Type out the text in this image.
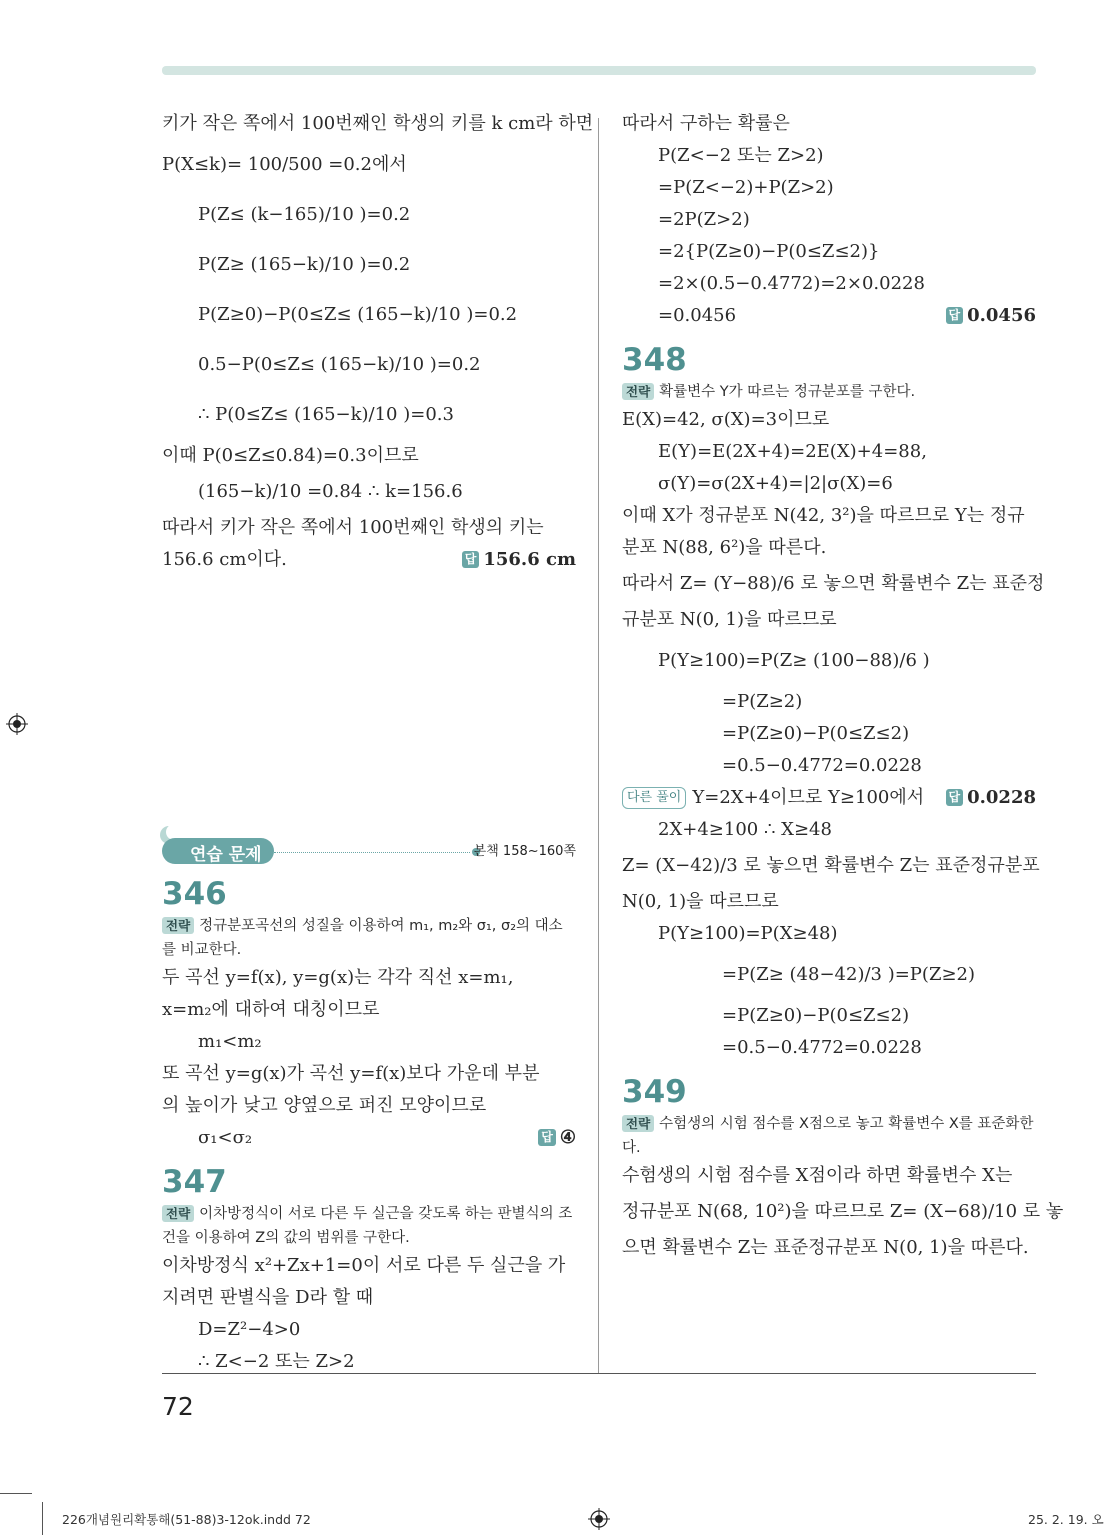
키가 작은 쪽에서 100번째인 학생의 키를 k cm라 하면
P(X≤k)= 100/500 =0.2에서
P(Z≤ (k−165)/10 )=0.2
P(Z≥ (165−k)/10 )=0.2
P(Z≥0)−P(0≤Z≤ (165−k)/10 )=0.2
0.5−P(0≤Z≤ (165−k)/10 )=0.2
∴ P(0≤Z≤ (165−k)/10 )=0.3
이때 P(0≤Z≤0.84)=0.3이므로
(165−k)/10 =0.84 ∴ k=156.6
따라서 키가 작은 쪽에서 100번째인 학생의 키는
156.6 cm이다.	답 156.6 cm
연습 문제	본책 158~160쪽
346
전략 정규분포곡선의 성질을 이용하여 m₁, m₂와 σ₁, σ₂의 대소를 비교한다.
두 곡선 y=f(x), y=g(x)는 각각 직선 x=m₁,
x=m₂에 대하여 대칭이므로
m₁<m₂
또 곡선 y=g(x)가 곡선 y=f(x)보다 가운데 부분
의 높이가 낮고 양옆으로 퍼진 모양이므로
σ₁<σ₂	답 ④
347
전략 이차방정식이 서로 다른 두 실근을 갖도록 하는 판별식의 조건을 이용하여 Z의 값의 범위를 구한다.
이차방정식 x²+Zx+1=0이 서로 다른 두 실근을 가
지려면 판별식을 D라 할 때
D=Z²−4>0
∴ Z<−2 또는 Z>2
따라서 구하는 확률은
P(Z<−2 또는 Z>2)
=P(Z<−2)+P(Z>2)
=2P(Z>2)
=2{P(Z≥0)−P(0≤Z≤2)}
=2×(0.5−0.4772)=2×0.0228
=0.0456	답 0.0456
348
전략 확률변수 Y가 따르는 정규분포를 구한다.
E(X)=42, σ(X)=3이므로
E(Y)=E(2X+4)=2E(X)+4=88,
σ(Y)=σ(2X+4)=|2|σ(X)=6
이때 X가 정규분포 N(42, 3²)을 따르므로 Y는 정규
분포 N(88, 6²)을 따른다.
따라서 Z= (Y−88)/6 로 놓으면 확률변수 Z는 표준정
규분포 N(0, 1)을 따르므로
P(Y≥100)=P(Z≥ (100−88)/6 )
=P(Z≥2)
=P(Z≥0)−P(0≤Z≤2)
=0.5−0.4772=0.0228
답 0.0228
다른 풀이 Y=2X+4이므로 Y≥100에서
2X+4≥100 ∴ X≥48
Z= (X−42)/3 로 놓으면 확률변수 Z는 표준정규분포
N(0, 1)을 따르므로
P(Y≥100)=P(X≥48)
=P(Z≥ (48−42)/3 )=P(Z≥2)
=P(Z≥0)−P(0≤Z≤2)
=0.5−0.4772=0.0228
349
전략 수험생의 시험 점수를 X점으로 놓고 확률변수 X를 표준화한다.
수험생의 시험 점수를 X점이라 하면 확률변수 X는
정규분포 N(68, 10²)을 따르므로 Z= (X−68)/10 로 놓
으면 확률변수 Z는 표준정규분포 N(0, 1)을 따른다.
72
226개념원리확통해(51-88)3-12ok.indd 72	25. 2. 19. 오
